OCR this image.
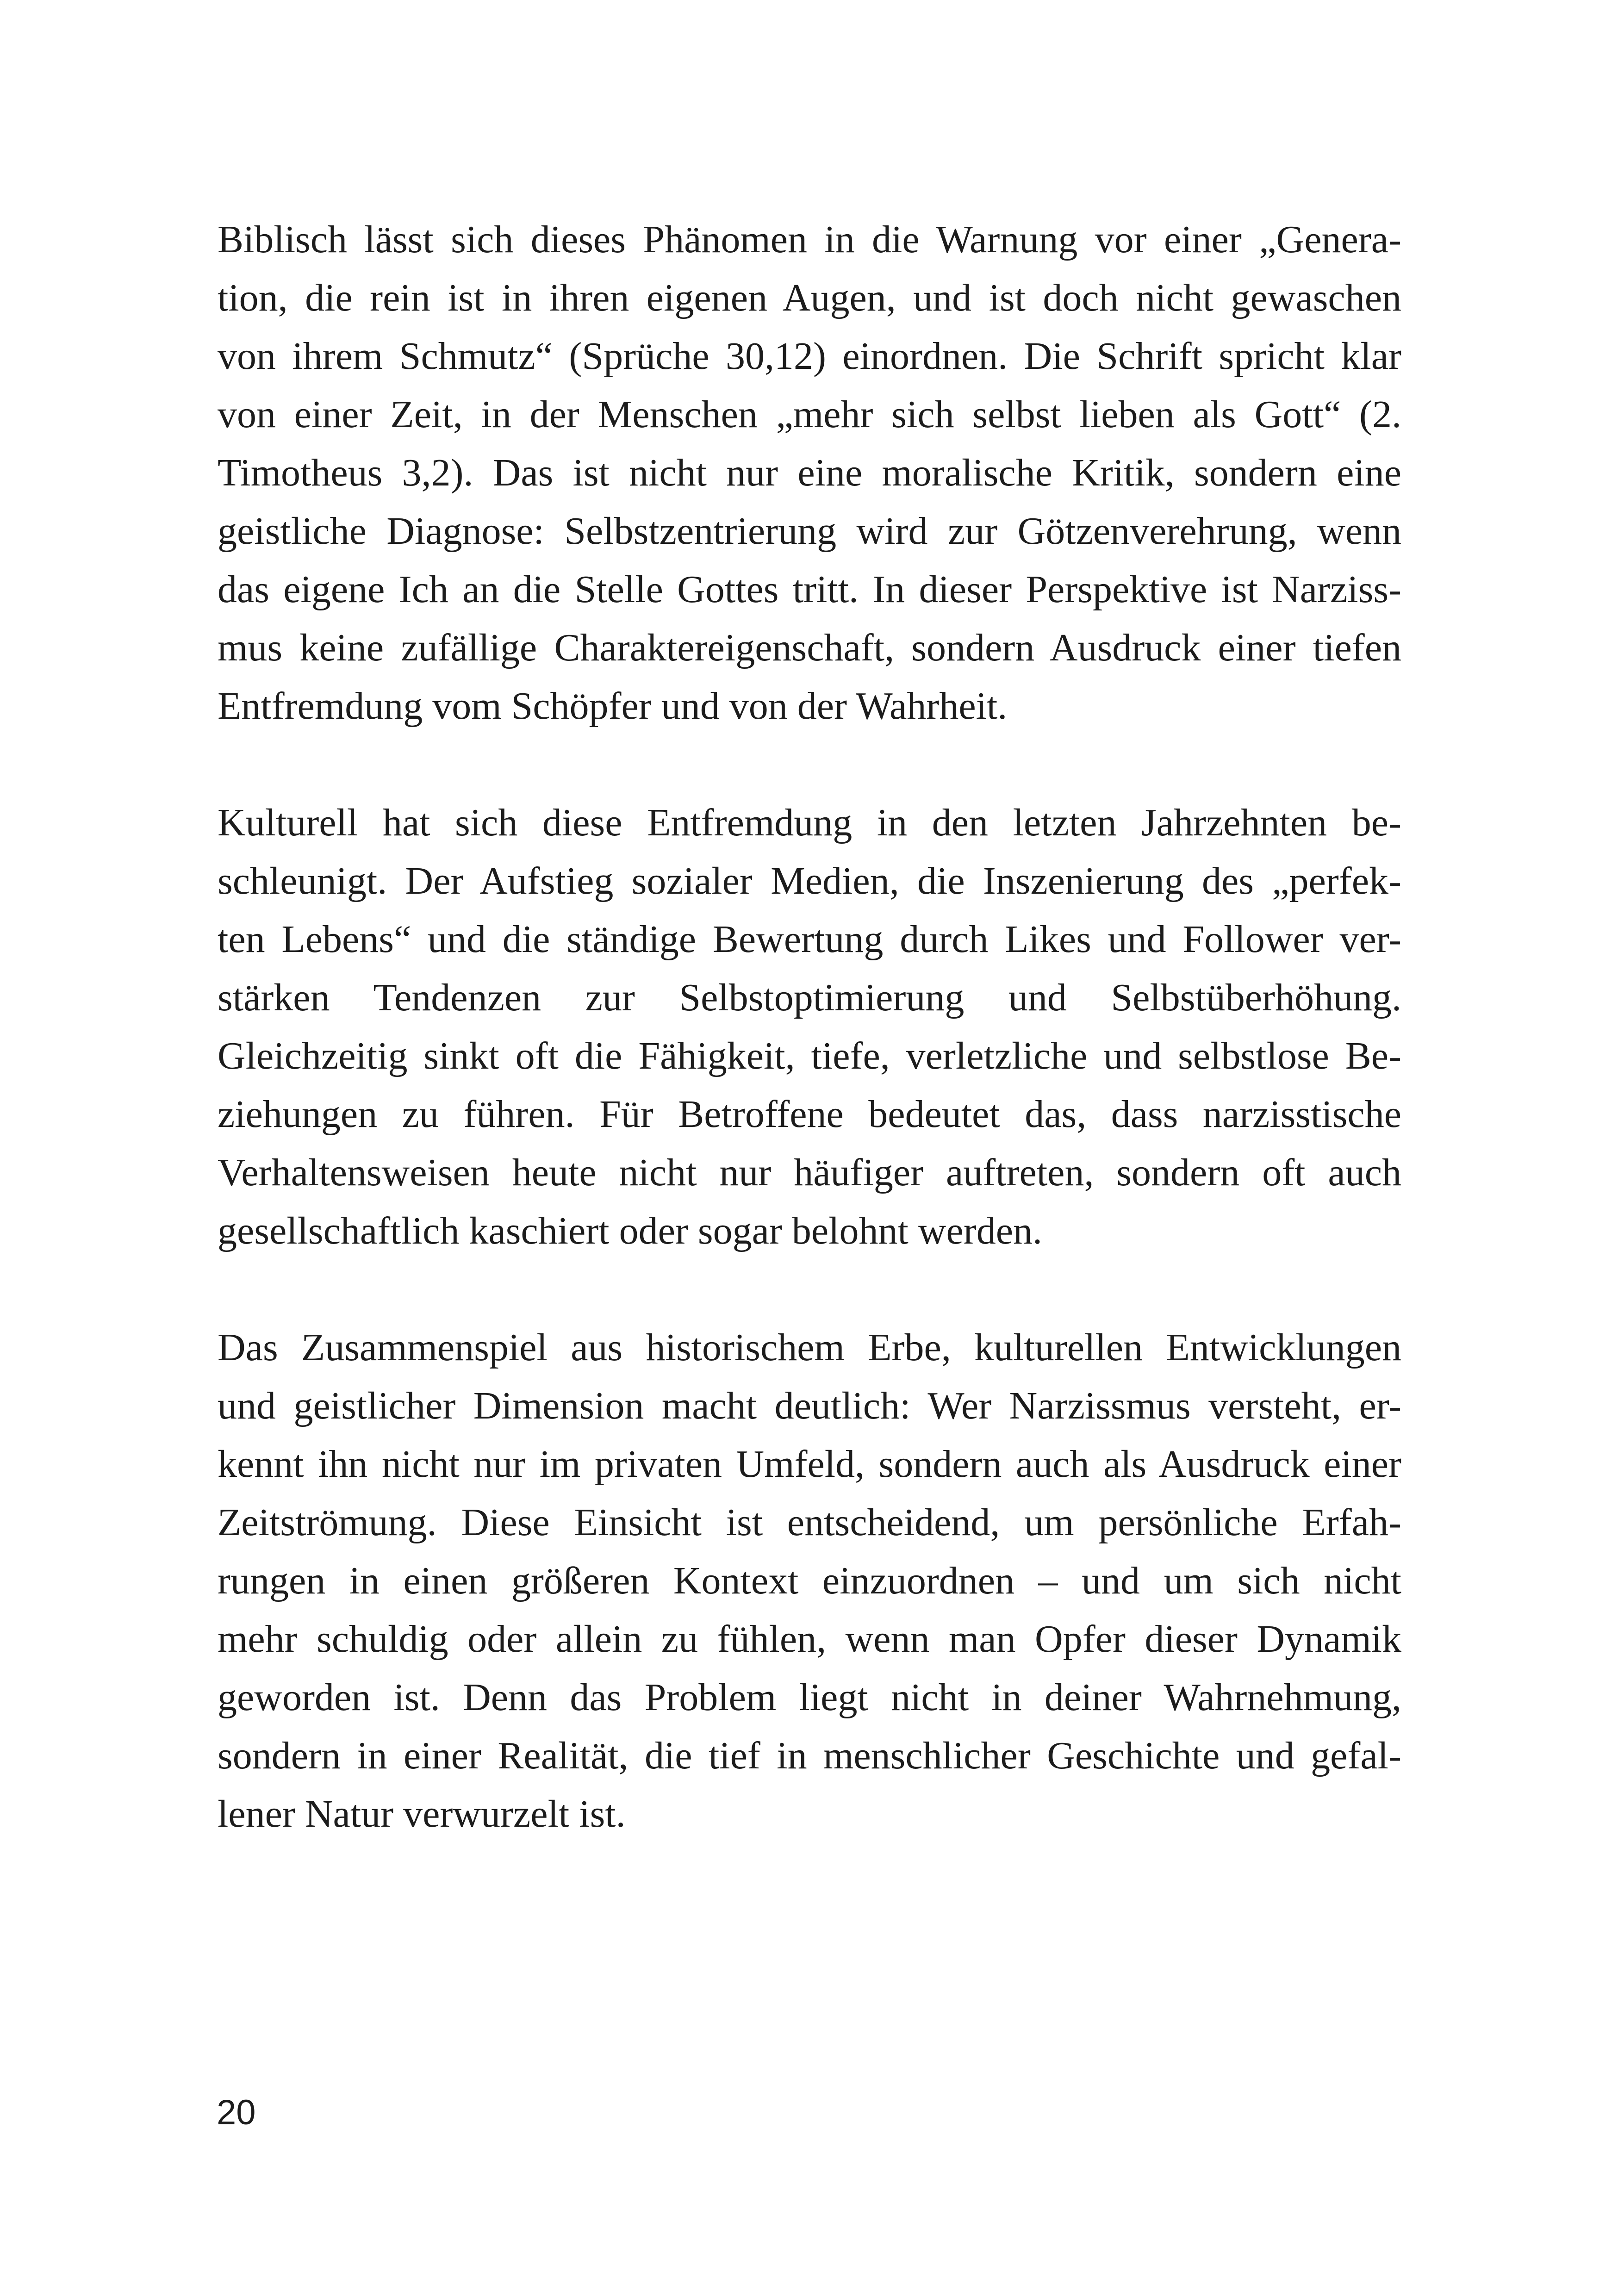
Biblisch lässt sich dieses Phänomen in die Warnung vor einer „Genera-
tion, die rein ist in ihren eigenen Augen, und ist doch nicht gewaschen
von ihrem Schmutz“ (Sprüche 30,12) einordnen. Die Schrift spricht klar
von einer Zeit, in der Menschen „mehr sich selbst lieben als Gott“ (2.
Timotheus 3,2). Das ist nicht nur eine moralische Kritik, sondern eine
geistliche Diagnose: Selbstzentrierung wird zur Götzenverehrung, wenn
das eigene Ich an die Stelle Gottes tritt. In dieser Perspektive ist Narziss-
mus keine zufällige Charaktereigenschaft, sondern Ausdruck einer tiefen
Entfremdung vom Schöpfer und von der Wahrheit.
Kulturell hat sich diese Entfremdung in den letzten Jahrzehnten be-
schleunigt. Der Aufstieg sozialer Medien, die Inszenierung des „perfek-
ten Lebens“ und die ständige Bewertung durch Likes und Follower ver-
stärken Tendenzen zur Selbstoptimierung und Selbstüberhöhung.
Gleichzeitig sinkt oft die Fähigkeit, tiefe, verletzliche und selbstlose Be-
ziehungen zu führen. Für Betroffene bedeutet das, dass narzisstische
Verhaltensweisen heute nicht nur häufiger auftreten, sondern oft auch
gesellschaftlich kaschiert oder sogar belohnt werden.
Das Zusammenspiel aus historischem Erbe, kulturellen Entwicklungen
und geistlicher Dimension macht deutlich: Wer Narzissmus versteht, er-
kennt ihn nicht nur im privaten Umfeld, sondern auch als Ausdruck einer
Zeitströmung. Diese Einsicht ist entscheidend, um persönliche Erfah-
rungen in einen größeren Kontext einzuordnen – und um sich nicht
mehr schuldig oder allein zu fühlen, wenn man Opfer dieser Dynamik
geworden ist. Denn das Problem liegt nicht in deiner Wahrnehmung,
sondern in einer Realität, die tief in menschlicher Geschichte und gefal-
lener Natur verwurzelt ist.
20
